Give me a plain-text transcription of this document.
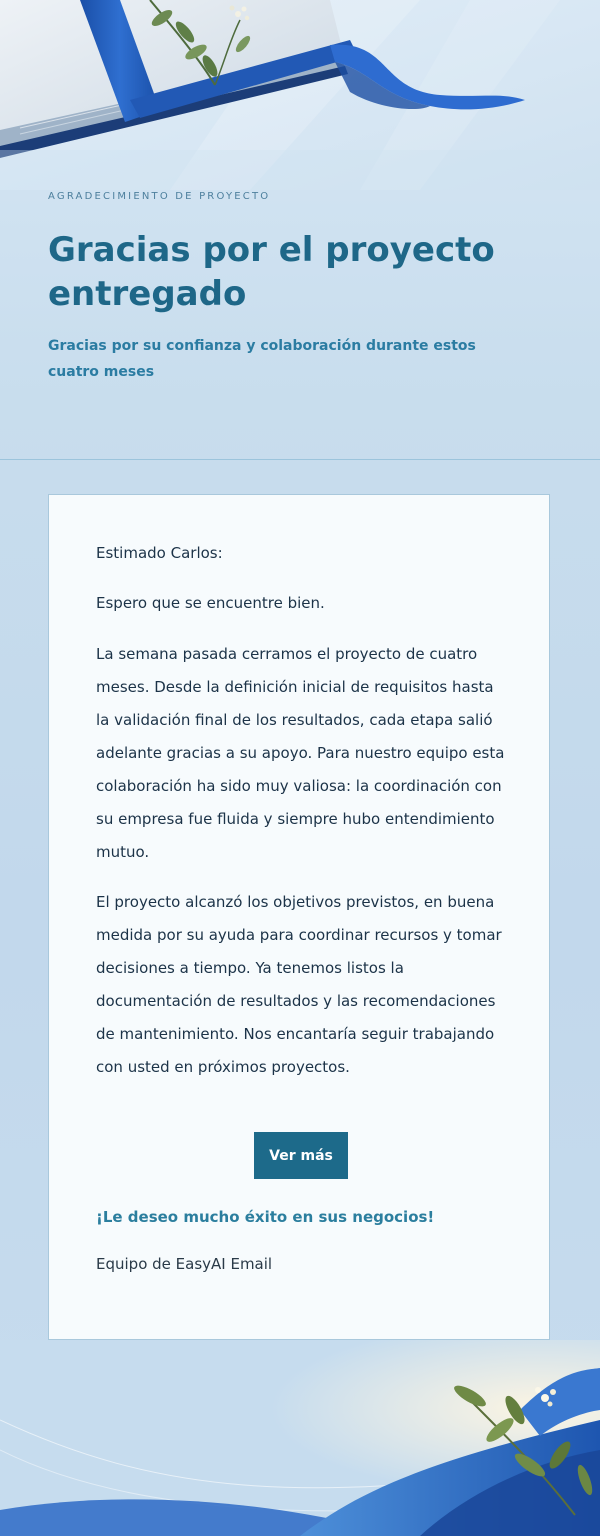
AGRADECIMIENTO DE PROYECTO

Gracias por el proyecto entregado

Gracias por su confianza y colaboración durante estos cuatro meses

Estimado Carlos:

Espero que se encuentre bien.

La semana pasada cerramos el proyecto de cuatro meses. Desde la definición inicial de requisitos hasta la validación final de los resultados, cada etapa salió adelante gracias a su apoyo. Para nuestro equipo esta colaboración ha sido muy valiosa: la coordinación con su empresa fue fluida y siempre hubo entendimiento mutuo.

El proyecto alcanzó los objetivos previstos, en buena medida por su ayuda para coordinar recursos y tomar decisiones a tiempo. Ya tenemos listos la documentación de resultados y las recomendaciones de mantenimiento. Nos encantaría seguir trabajando con usted en próximos proyectos.

Ver más

¡Le deseo mucho éxito en sus negocios!

Equipo de EasyAI Email
